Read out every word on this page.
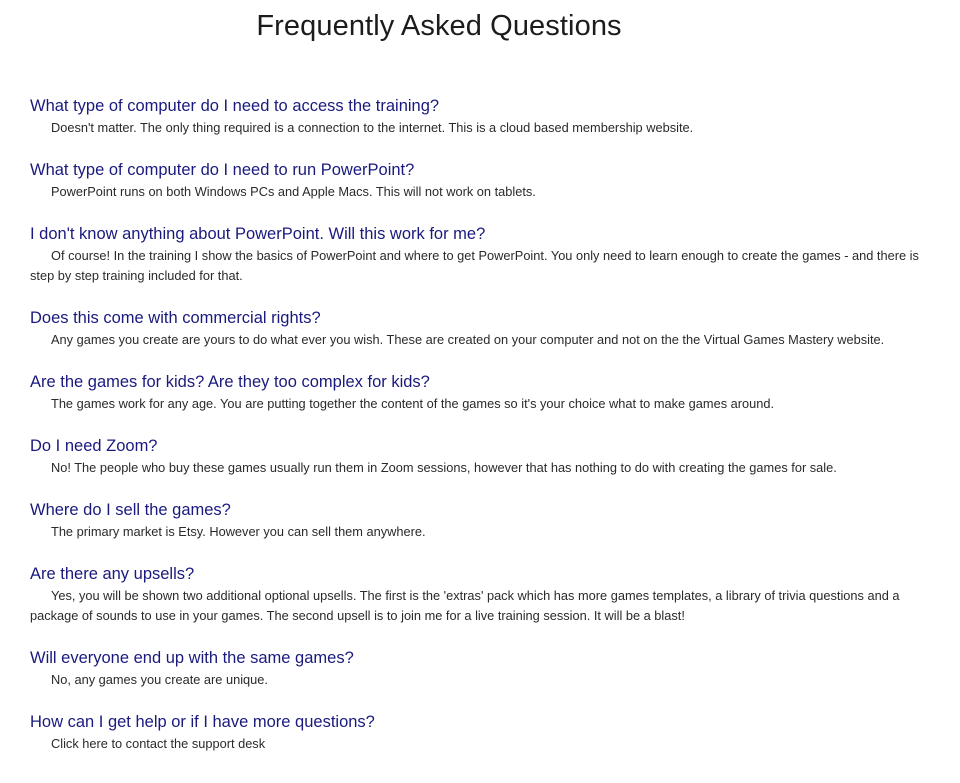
Frequently Asked Questions
What type of computer do I need to access the training?

Doesn't matter. The only thing required is a connection to the internet. This is a cloud based membership website.

What type of computer do I need to run PowerPoint?

PowerPoint runs on both Windows PCs and Apple Macs. This will not work on tablets.

I don't know anything about PowerPoint. Will this work for me?

Of course! In the training I show the basics of PowerPoint and where to get PowerPoint. You only need to learn enough to create the games - and there is step by step training included for that.

Does this come with commercial rights?

Any games you create are yours to do what ever you wish. These are created on your computer and not on the the Virtual Games Mastery website.

Are the games for kids? Are they too complex for kids?

The games work for any age. You are putting together the content of the games so it's your choice what to make games around.

Do I need Zoom?

No! The people who buy these games usually run them in Zoom sessions, however that has nothing to do with creating the games for sale.

Where do I sell the games?

The primary market is Etsy. However you can sell them anywhere.

Are there any upsells?

Yes, you will be shown two additional optional upsells. The first is the 'extras' pack which has more games templates, a library of trivia questions and a package of sounds to use in your games. The second upsell is to join me for a live training session. It will be a blast!

Will everyone end up with the same games?

No, any games you create are unique.

How can I get help or if I have more questions?

Click here to contact the support desk
